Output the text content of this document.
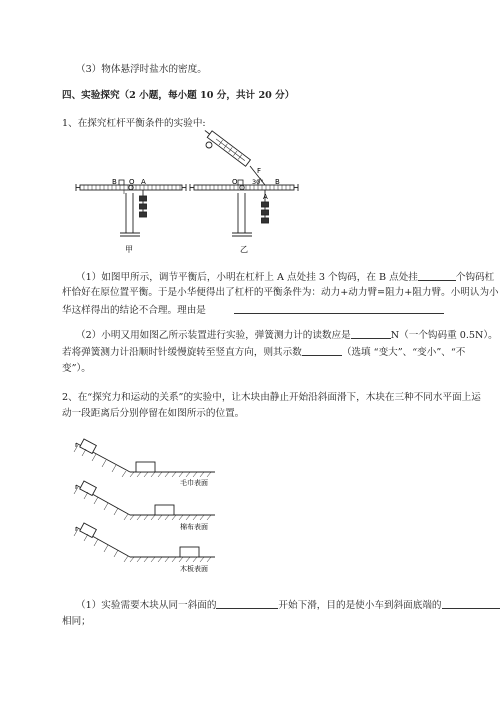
（3）物体悬浮时盐水的密度。
四、实验探究（2 小题，每小题 10 分，共计 20 分）
1、在探究杠杆平衡条件的实验中:
B O A
甲
O 30° B
A
F
乙
（1）如图甲所示，调节平衡后，小明在杠杆上 A 点处挂 3 个钩码，在 B 点处挂	个钩码杠
杆恰好在原位置平衡。于是小华便得出了杠杆的平衡条件为：动力+动力臂=阻力+阻力臂。小明认为小
华这样得出的结论不合理。理由是
（2）小明又用如图乙所示装置进行实验，弹簧测力计的读数应是	N（一个钩码重 0.5N）。
若将弹簧测力计沿顺时针缓慢旋转至竖直方向，则其示数	（选填 “变大”、“变小”、“不
变”）。
2、在“探究力和运动的关系”的实验中，让木块由静止开始沿斜面滑下，木块在三种不同水平面上运
动一段距离后分别停留在如图所示的位置。
毛巾表面
棉布表面
木板表面
（1）实验需要木块从同一斜面的	开始下滑，目的是使小车到斜面底端的
相同；
